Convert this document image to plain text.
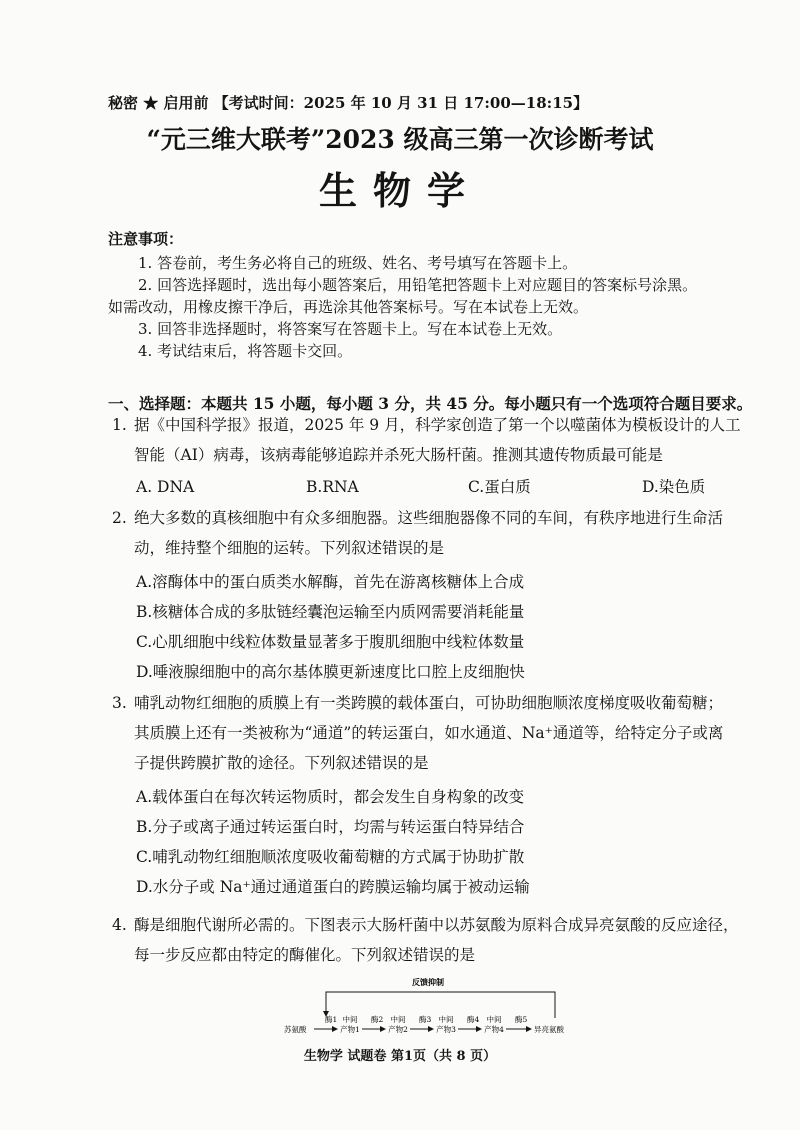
秘密 ★ 启用前 【考试时间：2025 年 10 月 31 日 17:00—18:15】
“元三维大联考”2023 级高三第一次诊断考试
生物学
注意事项：

1. 答卷前，考生务必将自己的班级、姓名、考号填写在答题卡上。

2. 回答选择题时，选出每小题答案后，用铅笔把答题卡上对应题目的答案标号涂黑。

如需改动，用橡皮擦干净后，再选涂其他答案标号。写在本试卷上无效。

3. 回答非选择题时，将答案写在答题卡上。写在本试卷上无效。

4. 考试结束后，将答题卡交回。

一、选择题：本题共 15 小题，每小题 3 分，共 45 分。每小题只有一个选项符合题目要求。
1. 据《中国科学报》报道，2025 年 9 月，科学家创造了第一个以噬菌体为模板设计的人工
智能（AI）病毒，该病毒能够追踪并杀死大肠杆菌。推测其遗传物质最可能是
A. DNA	B.RNA	C.蛋白质	D.染色质
2. 绝大多数的真核细胞中有众多细胞器。这些细胞器像不同的车间，有秩序地进行生命活
动，维持整个细胞的运转。下列叙述错误的是
A.溶酶体中的蛋白质类水解酶，首先在游离核糖体上合成
B.核糖体合成的多肽链经囊泡运输至内质网需要消耗能量
C.心肌细胞中线粒体数量显著多于腹肌细胞中线粒体数量
D.唾液腺细胞中的高尔基体膜更新速度比口腔上皮细胞快
3. 哺乳动物红细胞的质膜上有一类跨膜的载体蛋白，可协助细胞顺浓度梯度吸收葡萄糖；
其质膜上还有一类被称为“通道”的转运蛋白，如水通道、Na⁺通道等，给特定分子或离
子提供跨膜扩散的途径。下列叙述错误的是
A.载体蛋白在每次转运物质时，都会发生自身构象的改变
B.分子或离子通过转运蛋白时，均需与转运蛋白特异结合
C.哺乳动物红细胞顺浓度吸收葡萄糖的方式属于协助扩散
D.水分子或 Na⁺通过通道蛋白的跨膜运输均属于被动运输
4. 酶是细胞代谢所必需的。下图表示大肠杆菌中以苏氨酸为原料合成异亮氨酸的反应途径，
每一步反应都由特定的酶催化。下列叙述错误的是
反馈抑制
苏氨酸	异亮氨酸
酶1	酶2	酶3	酶4	酶5
中间
产物1
中间
产物2
中间
产物3
中间
产物4
生物学 试题卷 第1页（共 8 页）
